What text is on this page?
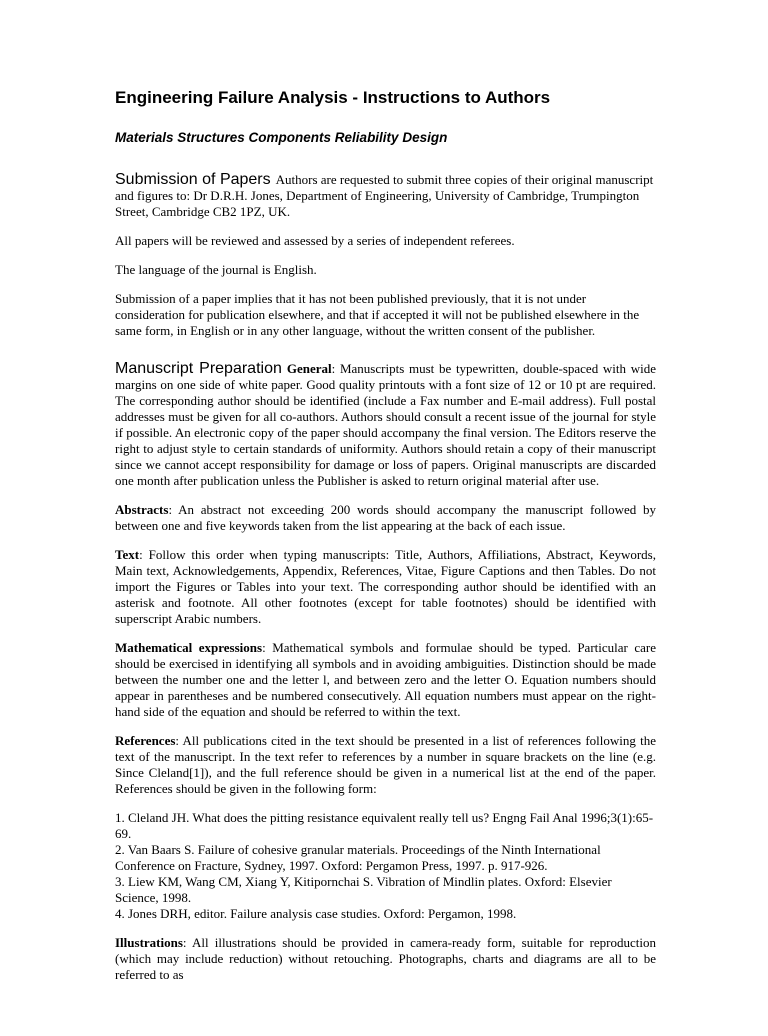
Engineering Failure Analysis - Instructions to Authors
Materials Structures Components Reliability Design

Submission of Papers Authors are requested to submit three copies of their original manuscript and figures to: Dr D.R.H. Jones, Department of Engineering, University of Cambridge, Trumpington Street, Cambridge CB2 1PZ, UK.

All papers will be reviewed and assessed by a series of independent referees.

The language of the journal is English.

Submission of a paper implies that it has not been published previously, that it is not under consideration for publication elsewhere, and that if accepted it will not be published elsewhere in the same form, in English or in any other language, without the written consent of the publisher.

Manuscript Preparation General: Manuscripts must be typewritten, double-spaced with wide margins on one side of white paper. Good quality printouts with a font size of 12 or 10 pt are required. The corresponding author should be identified (include a Fax number and E-mail address). Full postal addresses must be given for all co-authors. Authors should consult a recent issue of the journal for style if possible. An electronic copy of the paper should accompany the final version. The Editors reserve the right to adjust style to certain standards of uniformity. Authors should retain a copy of their manuscript since we cannot accept responsibility for damage or loss of papers. Original manuscripts are discarded one month after publication unless the Publisher is asked to return original material after use.

Abstracts: An abstract not exceeding 200 words should accompany the manuscript followed by between one and five keywords taken from the list appearing at the back of each issue.

Text: Follow this order when typing manuscripts: Title, Authors, Affiliations, Abstract, Keywords, Main text, Acknowledgements, Appendix, References, Vitae, Figure Captions and then Tables. Do not import the Figures or Tables into your text. The corresponding author should be identified with an asterisk and footnote. All other footnotes (except for table footnotes) should be identified with superscript Arabic numbers.

Mathematical expressions: Mathematical symbols and formulae should be typed. Particular care should be exercised in identifying all symbols and in avoiding ambiguities. Distinction should be made between the number one and the letter l, and between zero and the letter O. Equation numbers should appear in parentheses and be numbered consecutively. All equation numbers must appear on the right-hand side of the equation and should be referred to within the text.

References: All publications cited in the text should be presented in a list of references following the text of the manuscript. In the text refer to references by a number in square brackets on the line (e.g. Since Cleland[1]), and the full reference should be given in a numerical list at the end of the paper. References should be given in the following form:

1. Cleland JH. What does the pitting resistance equivalent really tell us? Engng Fail Anal 1996;3(1):65-69.
2. Van Baars S. Failure of cohesive granular materials. Proceedings of the Ninth International Conference on Fracture, Sydney, 1997. Oxford: Pergamon Press, 1997. p. 917-926.
3. Liew KM, Wang CM, Xiang Y, Kitipornchai S. Vibration of Mindlin plates. Oxford: Elsevier Science, 1998.
4. Jones DRH, editor. Failure analysis case studies. Oxford: Pergamon, 1998.

Illustrations: All illustrations should be provided in camera-ready form, suitable for reproduction (which may include reduction) without retouching. Photographs, charts and diagrams are all to be referred to as
